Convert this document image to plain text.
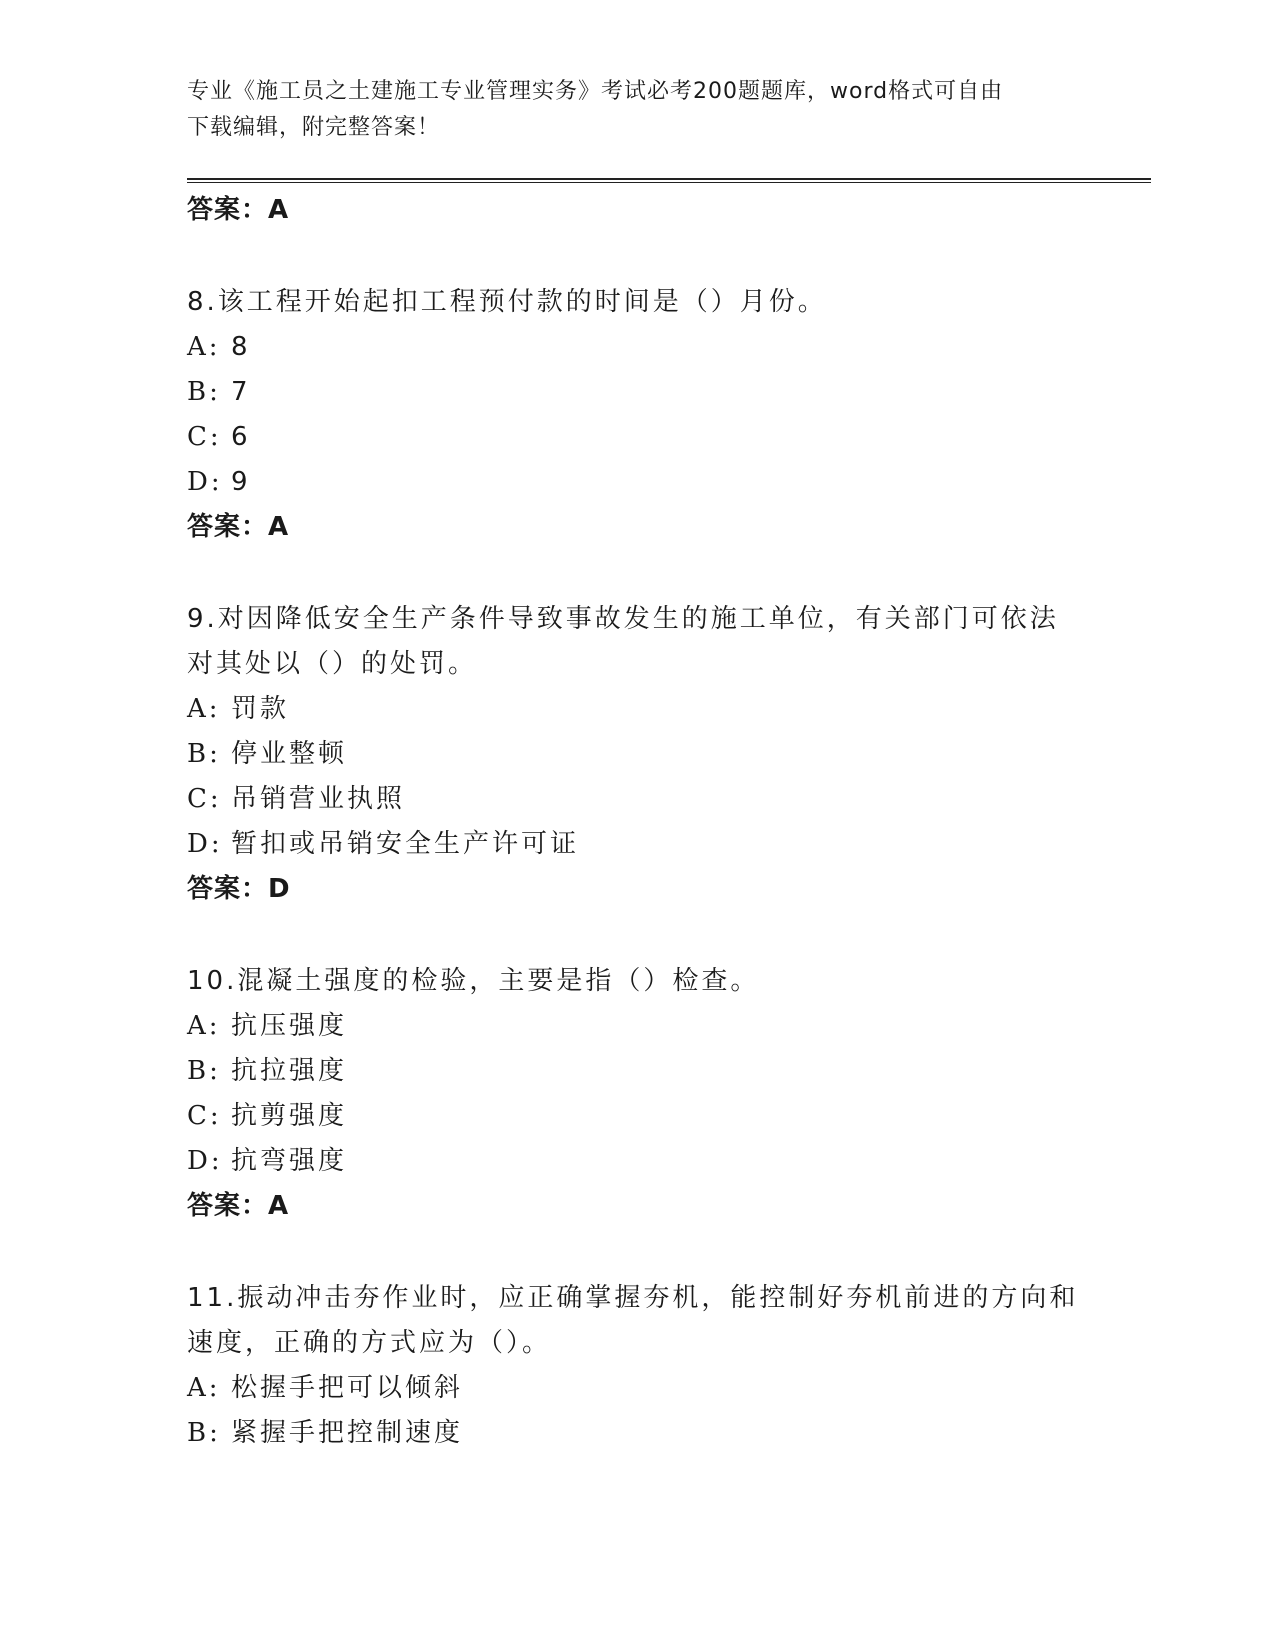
专业《施工员之土建施工专业管理实务》考试必考200题题库，word格式可自由
下载编辑，附完整答案！
答案：A
8.该工程开始起扣工程预付款的时间是（）月份。
A: 8
B: 7
C: 6
D: 9
答案：A
9.对因降低安全生产条件导致事故发生的施工单位，有关部门可依法
对其处以（）的处罚。
A: 罚款
B: 停业整顿
C: 吊销营业执照
D: 暂扣或吊销安全生产许可证
答案：D
10.混凝土强度的检验，主要是指（）检查。
A: 抗压强度
B: 抗拉强度
C: 抗剪强度
D: 抗弯强度
答案：A
11.振动冲击夯作业时，应正确掌握夯机，能控制好夯机前进的方向和
速度，正确的方式应为（）。
A: 松握手把可以倾斜
B: 紧握手把控制速度
